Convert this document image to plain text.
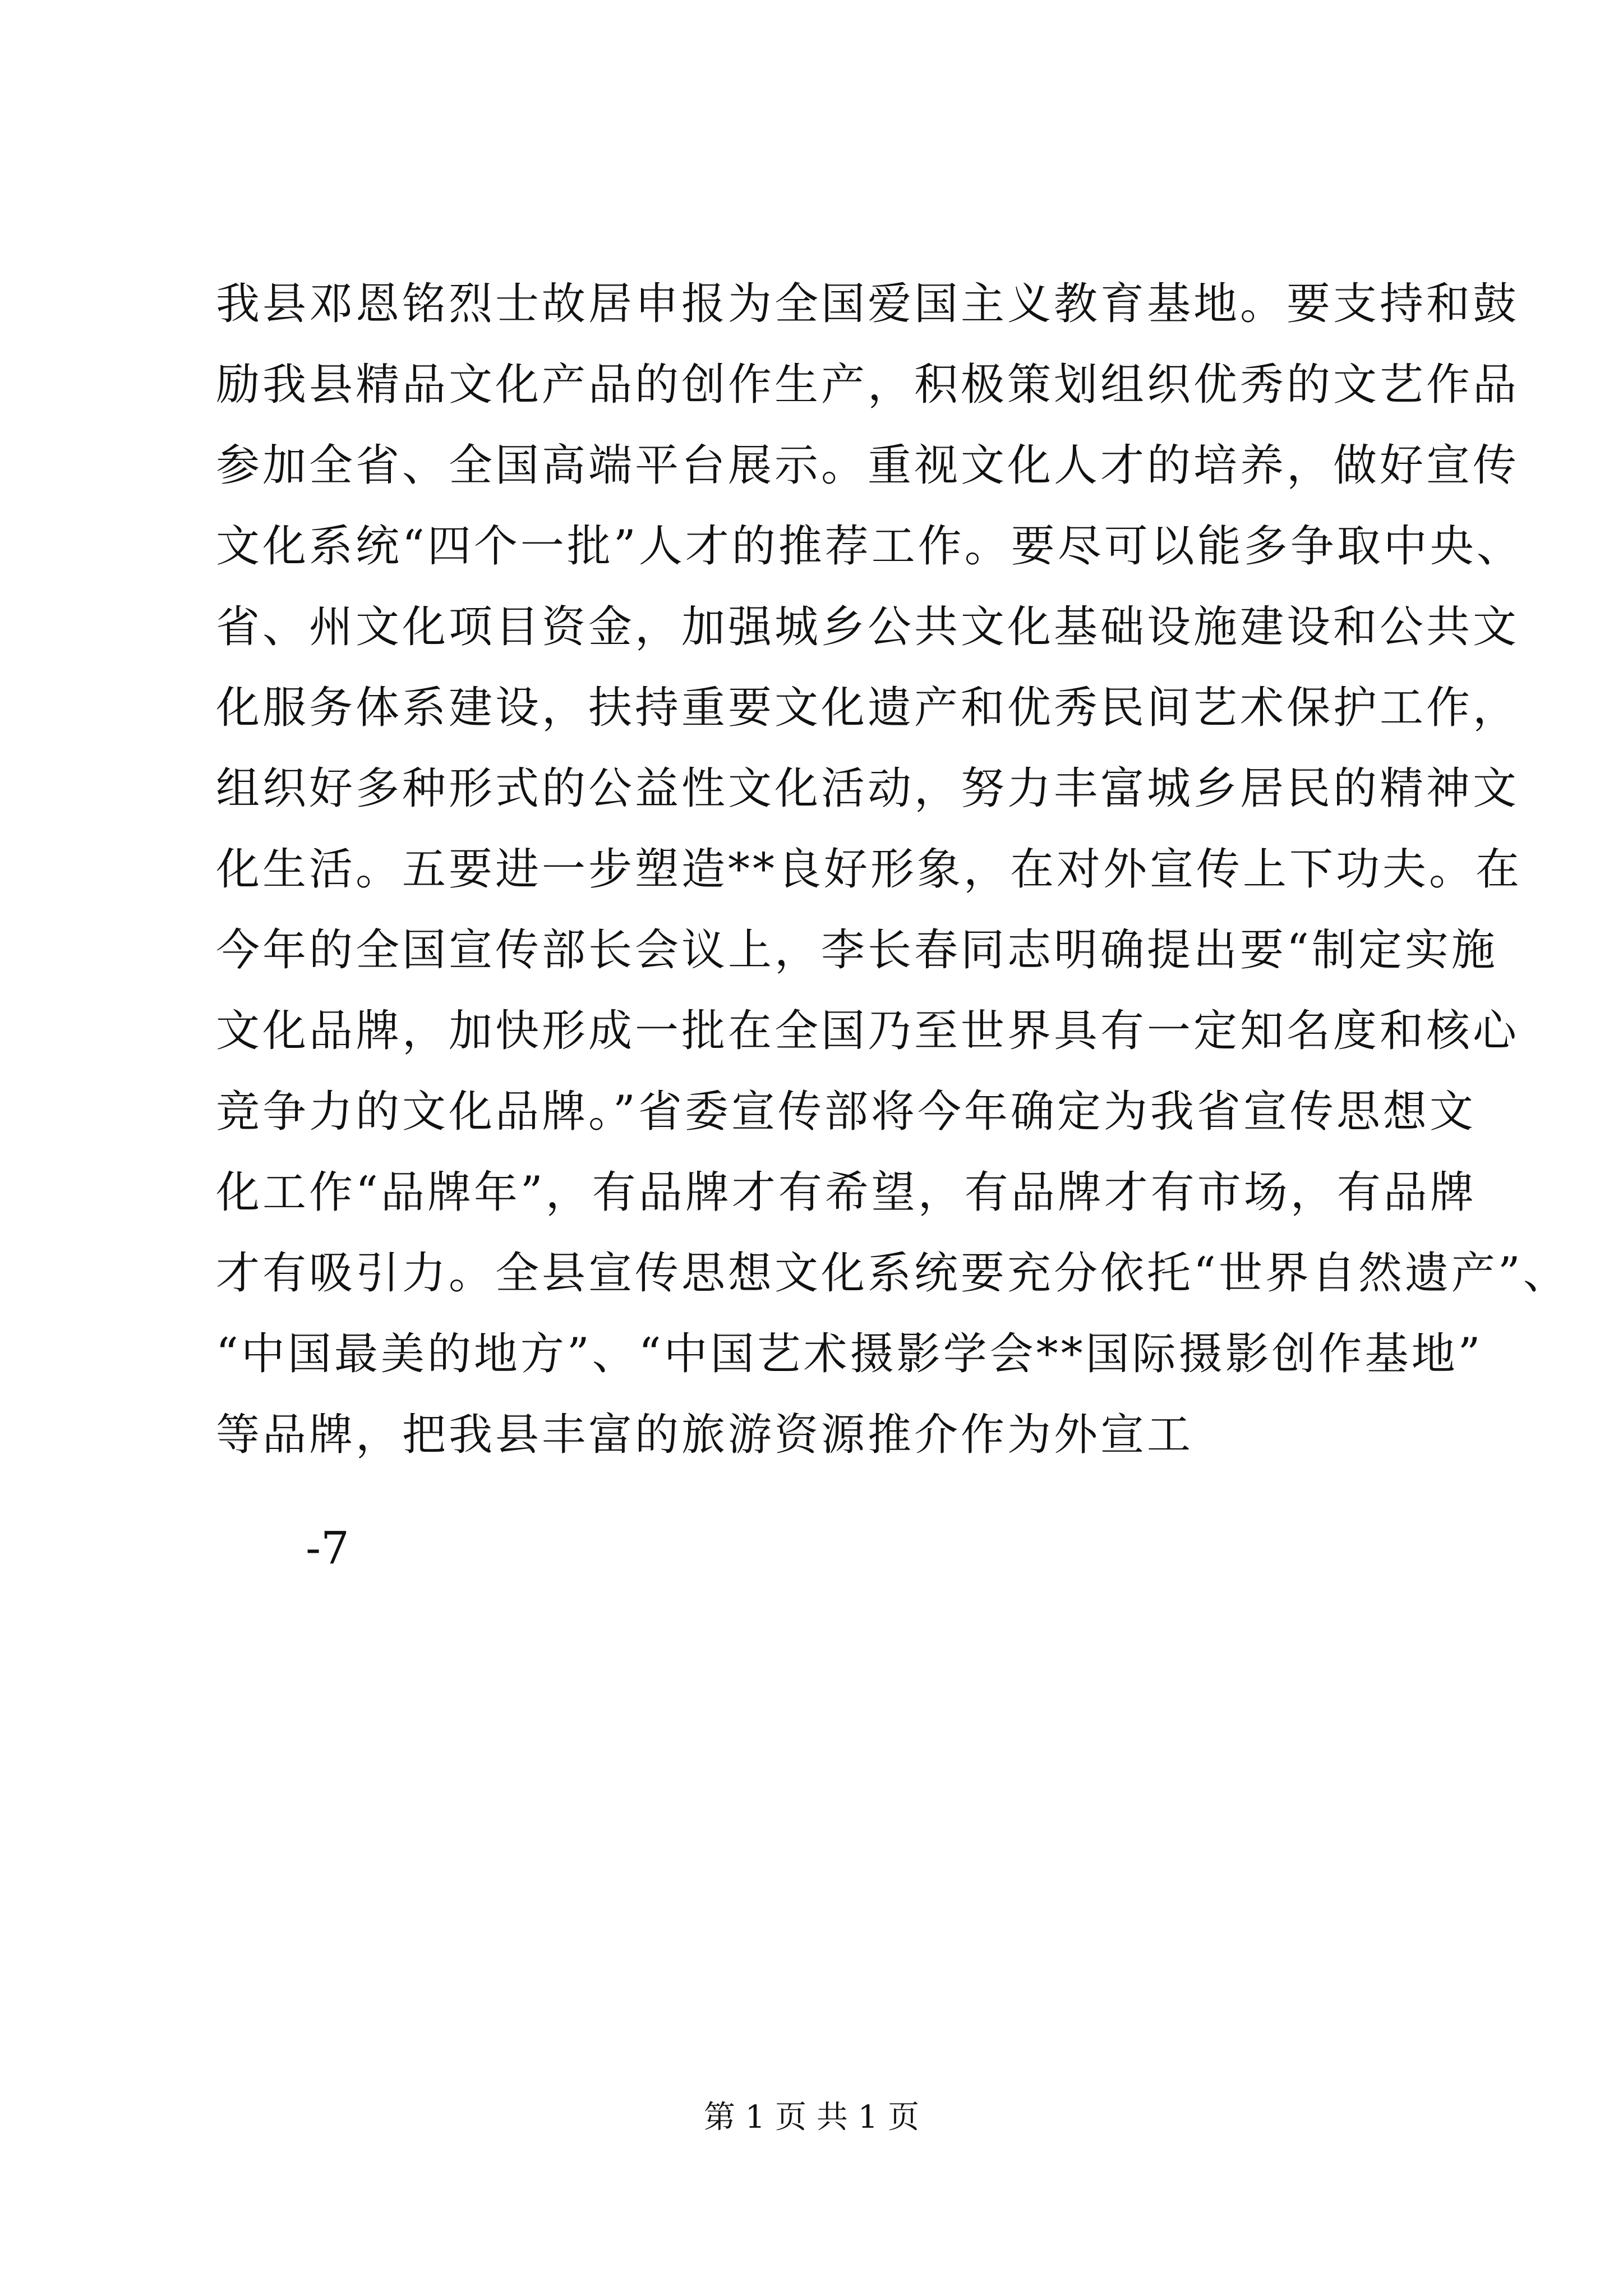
我县邓恩铭烈士故居申报为全国爱国主义教育基地。要支持和鼓
励我县精品文化产品的创作生产，积极策划组织优秀的文艺作品
参加全省、全国高端平台展示。重视文化人才的培养，做好宣传
文化系统“四个一批”人才的推荐工作。要尽可以能多争取中央、
省、州文化项目资金，加强城乡公共文化基础设施建设和公共文
化服务体系建设，扶持重要文化遗产和优秀民间艺术保护工作，
组织好多种形式的公益性文化活动，努力丰富城乡居民的精神文
化生活。五要进一步塑造**良好形象，在对外宣传上下功夫。在
今年的全国宣传部长会议上，李长春同志明确提出要“制定实施
文化品牌，加快形成一批在全国乃至世界具有一定知名度和核心
竞争力的文化品牌。”省委宣传部将今年确定为我省宣传思想文
化工作“品牌年”，有品牌才有希望，有品牌才有市场，有品牌
才有吸引力。全县宣传思想文化系统要充分依托“世界自然遗产”、
“中国最美的地方”、“中国艺术摄影学会**国际摄影创作基地”
等品牌，把我县丰富的旅游资源推介作为外宣工
-7
第 1 页 共 1 页
